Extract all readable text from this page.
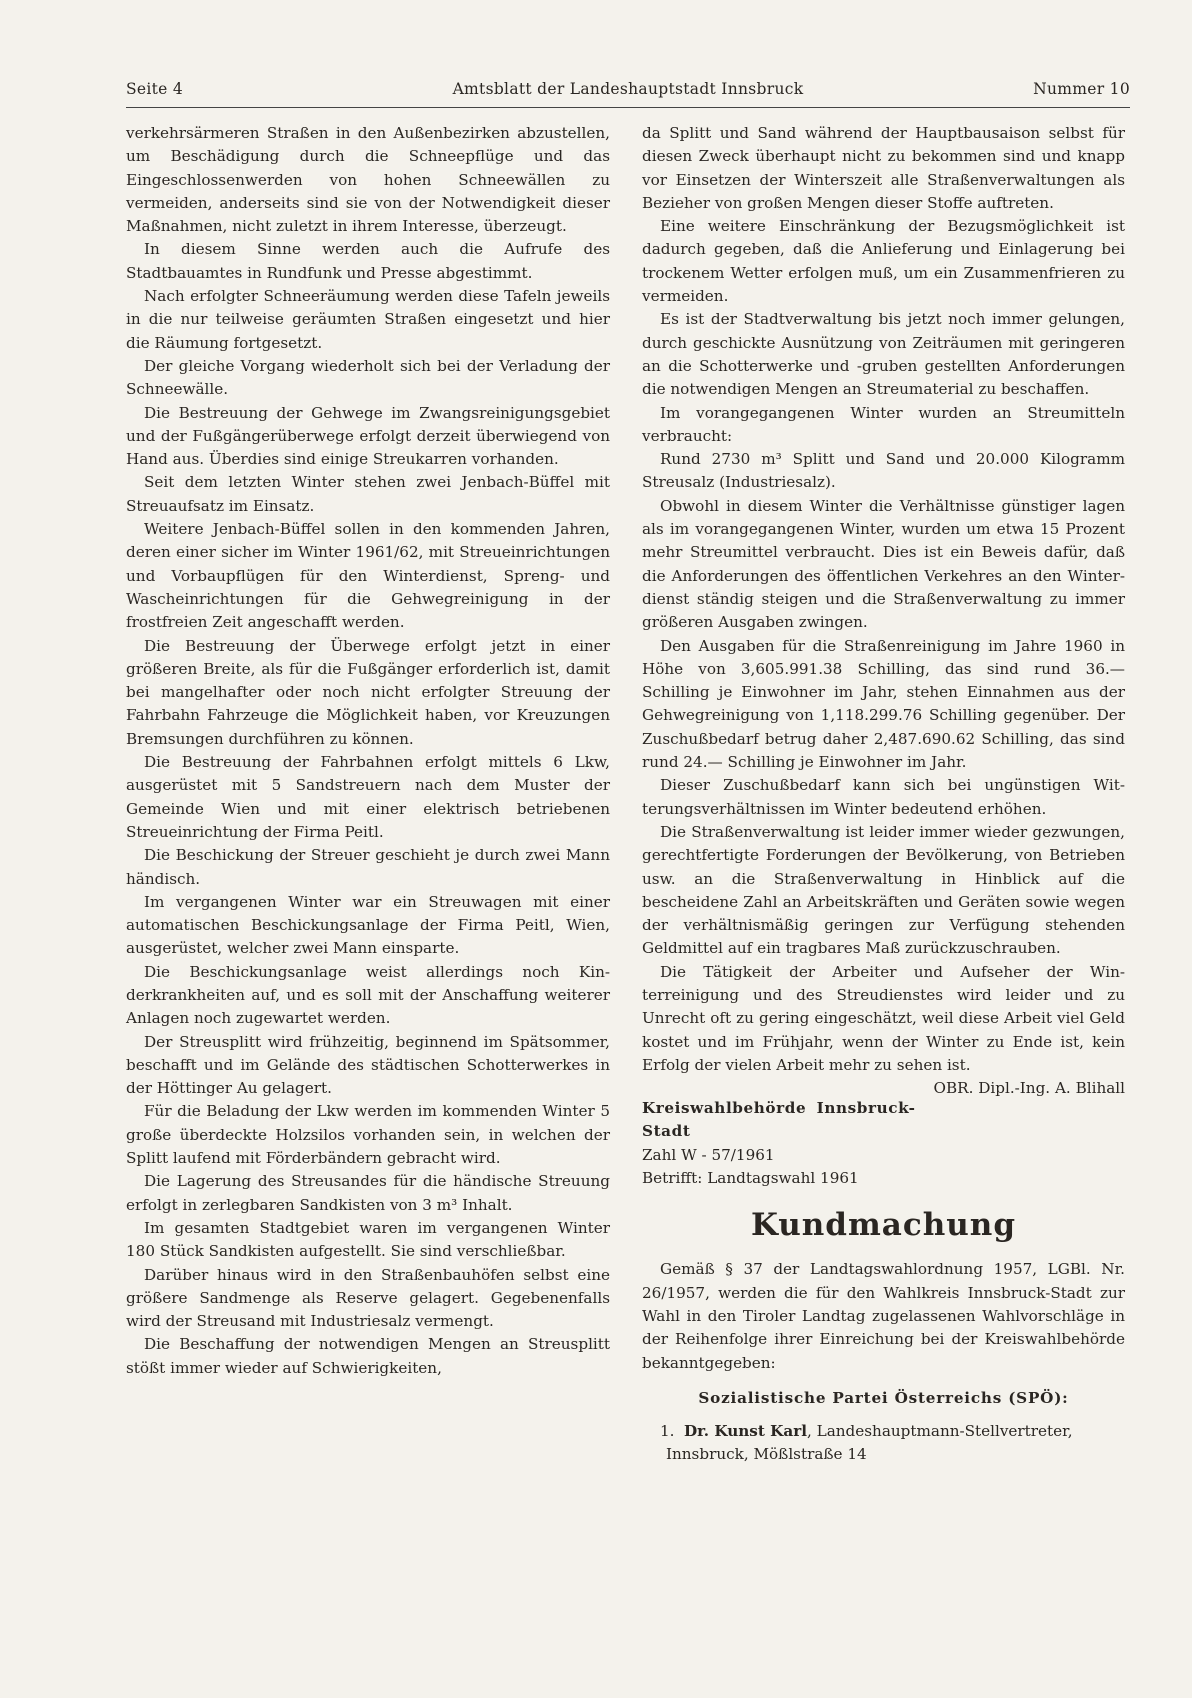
Seite 4	Amtsblatt der Landeshauptstadt Innsbruck	Nummer 10

verkehrsärmeren Straßen in den Außenbezirken abzustellen, um Beschädigung durch die Schneepflüge und das Eingeschlossenwerden von hohen Schneewällen zu vermeiden, anderseits sind sie von der Notwendigkeit dieser Maßnahmen, nicht zuletzt in ihrem Interesse, überzeugt.

In diesem Sinne werden auch die Aufrufe des Stadtbauamtes in Rundfunk und Presse abgestimmt.

Nach erfolgter Schneeräumung werden diese Tafeln jeweils in die nur teilweise geräumten Straßen eingesetzt und hier die Räumung fortgesetzt.

Der gleiche Vorgang wiederholt sich bei der Verladung der Schneewälle.

Die Bestreuung der Gehwege im Zwangsreinigungsgebiet und der Fußgängerüberwege erfolgt derzeit überwiegend von Hand aus. Überdies sind einige Streukarren vorhanden.

Seit dem letzten Winter stehen zwei Jenbach-Büffel mit Streuaufsatz im Einsatz.

Weitere Jenbach-Büffel sollen in den kommenden Jahren, deren einer sicher im Winter 1961/62, mit Streueinrichtungen und Vorbaupflügen für den Winterdienst, Spreng- und Wascheinrichtungen für die Gehwegreinigung in der frostfreien Zeit angeschafft werden.

Die Bestreuung der Überwege erfolgt jetzt in einer größeren Breite, als für die Fußgänger erforderlich ist, damit bei mangelhafter oder noch nicht erfolgter Streuung der Fahrbahn Fahrzeuge die Möglichkeit haben, vor Kreuzungen Bremsungen durchführen zu können.

Die Bestreuung der Fahrbahnen erfolgt mittels 6 Lkw, ausgerüstet mit 5 Sandstreuern nach dem Muster der Gemeinde Wien und mit einer elektrisch betriebenen Streueinrichtung der Firma Peitl.

Die Beschickung der Streuer geschieht je durch zwei Mann händisch.

Im vergangenen Winter war ein Streuwagen mit einer automatischen Beschickungsanlage der Firma Peitl, Wien, ausgerüstet, welcher zwei Mann einsparte.

Die Beschickungsanlage weist allerdings noch Kinderkrankheiten auf, und es soll mit der Anschaffung weiterer Anlagen noch zugewartet werden.

Der Streusplitt wird frühzeitig, beginnend im Spätsommer, beschafft und im Gelände des städtischen Schotterwerkes in der Höttinger Au gelagert.

Für die Beladung der Lkw werden im kommenden Winter 5 große überdeckte Holzsilos vorhanden sein, in welchen der Splitt laufend mit Förderbändern gebracht wird.

Die Lagerung des Streusandes für die händische Streuung erfolgt in zerlegbaren Sandkisten von 3 m³ Inhalt.

Im gesamten Stadtgebiet waren im vergangenen Winter 180 Stück Sandkisten aufgestellt. Sie sind verschließbar.

Darüber hinaus wird in den Straßenbauhöfen selbst eine größere Sandmenge als Reserve gelagert. Gegebenenfalls wird der Streusand mit Industriesalz vermengt.

Die Beschaffung der notwendigen Mengen an Streusplitt stößt immer wieder auf Schwierigkeiten,

da Splitt und Sand während der Hauptbausaison selbst für diesen Zweck überhaupt nicht zu bekommen sind und knapp vor Einsetzen der Winterszeit alle Straßenverwaltungen als Bezieher von großen Mengen dieser Stoffe auftreten.

Eine weitere Einschränkung der Bezugsmöglichkeit ist dadurch gegeben, daß die Anlieferung und Einlagerung bei trockenem Wetter erfolgen muß, um ein Zusammenfrieren zu vermeiden.

Es ist der Stadtverwaltung bis jetzt noch immer gelungen, durch geschickte Ausnützung von Zeiträumen mit geringeren an die Schotterwerke und -gruben gestellten Anforderungen die notwendigen Mengen an Streumaterial zu beschaffen.

Im vorangegangenen Winter wurden an Streumitteln verbraucht:

Rund 2730 m³ Splitt und Sand und 20.000 Kilogramm Streusalz (Industriesalz).

Obwohl in diesem Winter die Verhältnisse günstiger lagen als im vorangegangenen Winter, wurden um etwa 15 Prozent mehr Streumittel verbraucht. Dies ist ein Beweis dafür, daß die Anforderungen des öffentlichen Verkehres an den Winterdienst ständig steigen und die Straßenverwaltung zu immer größeren Ausgaben zwingen.

Den Ausgaben für die Straßenreinigung im Jahre 1960 in Höhe von 3,605.991.38 Schilling, das sind rund 36.— Schilling je Einwohner im Jahr, stehen Einnahmen aus der Gehwegreinigung von 1,118.299.76 Schilling gegenüber. Der Zuschußbedarf betrug daher 2,487.690.62 Schilling, das sind rund 24.— Schilling je Einwohner im Jahr.

Dieser Zuschußbedarf kann sich bei ungünstigen Witterungsverhältnissen im Winter bedeutend erhöhen.

Die Straßenverwaltung ist leider immer wieder gezwungen, gerechtfertigte Forderungen der Bevölkerung, von Betrieben usw. an die Straßenverwaltung in Hinblick auf die bescheidene Zahl an Arbeitskräften und Geräten sowie wegen der verhältnismäßig geringen zur Verfügung stehenden Geldmittel auf ein tragbares Maß zurückzuschrauben.

Die Tätigkeit der Arbeiter und Aufseher der Winterreinigung und des Streudienstes wird leider und zu Unrecht oft zu gering eingeschätzt, weil diese Arbeit viel Geld kostet und im Frühjahr, wenn der Winter zu Ende ist, kein Erfolg der vielen Arbeit mehr zu sehen ist.
OBR. Dipl.-Ing. A. Blihall

Kreiswahlbehörde Innsbruck-Stadt

Zahl W - 57/1961

Betrifft: Landtagswahl 1961

Kundmachung

Gemäß § 37 der Landtagswahlordnung 1957, LGBl. Nr. 26/1957, werden die für den Wahlkreis Innsbruck-Stadt zur Wahl in den Tiroler Landtag zugelassenen Wahlvorschläge in der Reihenfolge ihrer Einreichung bei der Kreiswahlbehörde bekanntgegeben:

Sozialistische Partei Österreichs (SPÖ):

1. Dr. Kunst Karl, Landeshauptmann-Stellvertreter, Innsbruck, Mößlstraße 14
